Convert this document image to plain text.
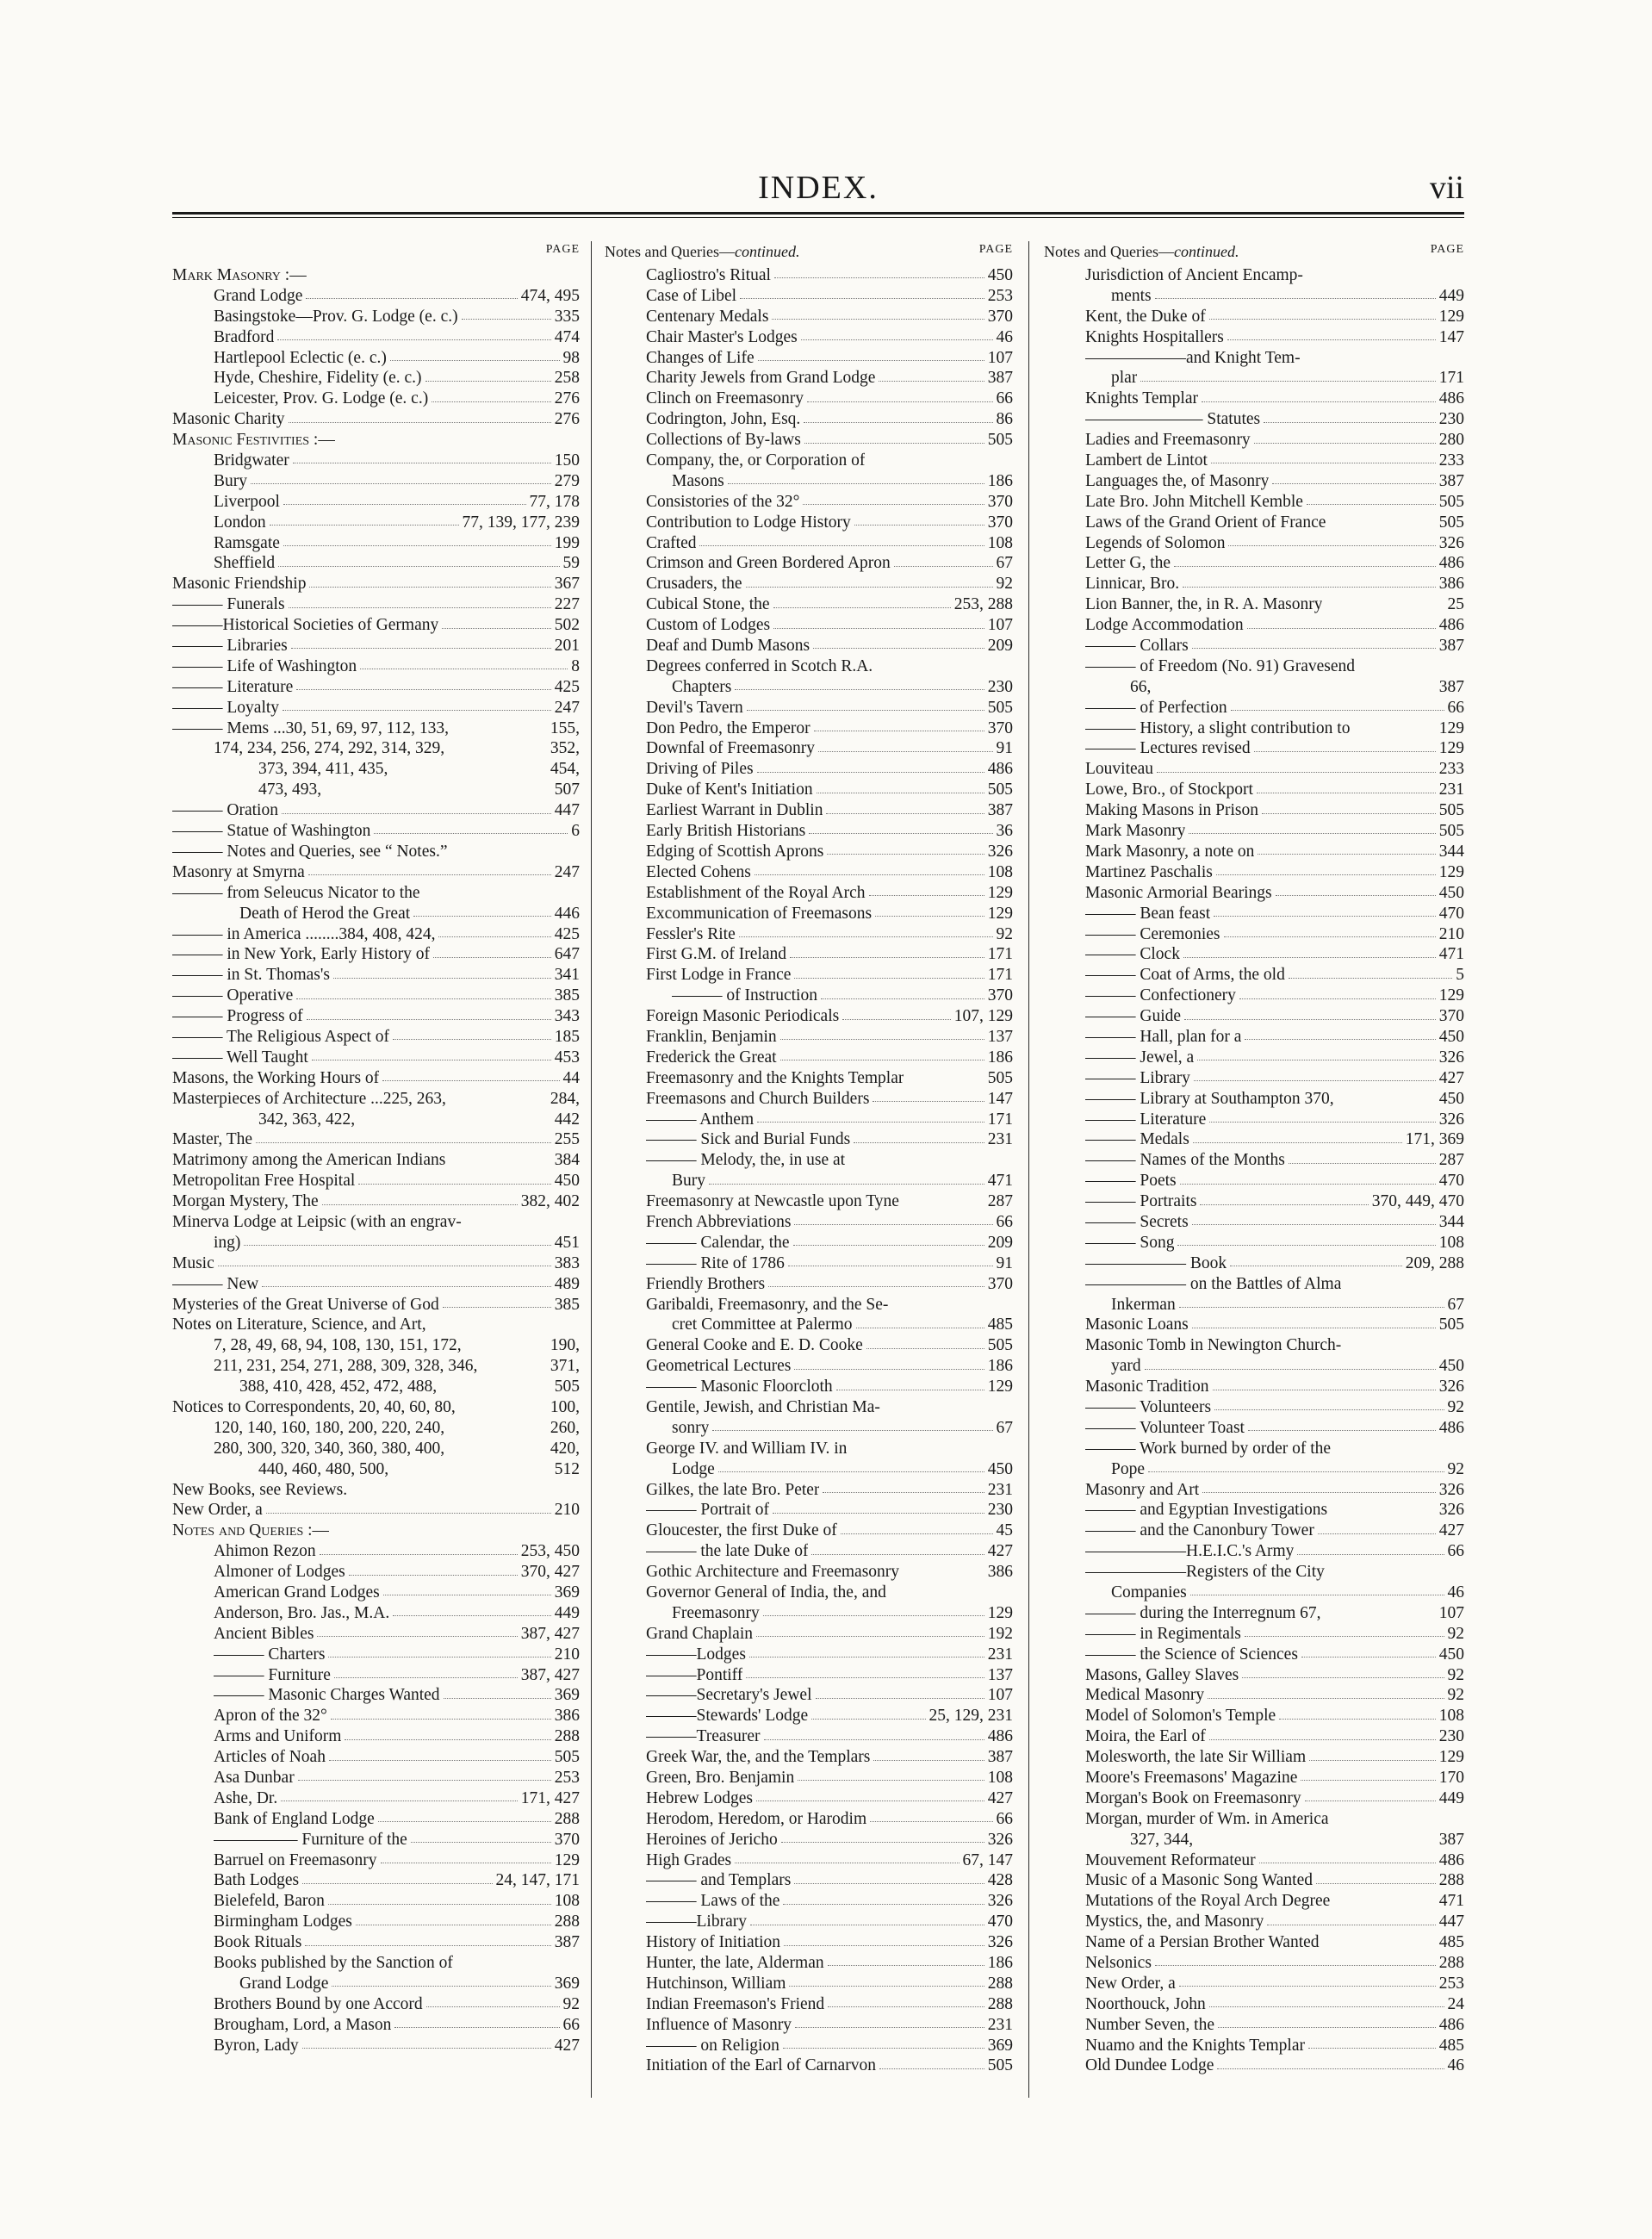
INDEX.	vii
PAGE
Mark Masonry :—
Grand Lodge	474, 495
Basingstoke—Prov. G. Lodge (e. c.)	335
Bradford	474
Hartlepool Eclectic (e. c.)	98
Hyde, Cheshire, Fidelity (e. c.)	258
Leicester, Prov. G. Lodge (e. c.)	276
Masonic Charity	276
Masonic Festivities :—
Bridgwater	150
Bury	279
Liverpool	77, 178
London	77, 139, 177, 239
Ramsgate	199
Sheffield	59
Masonic Friendship	367
——— Funerals	227
———Historical Societies of Germany	502
——— Libraries	201
——— Life of Washington	8
——— Literature	425
——— Loyalty	247
——— Mems ...30, 51, 69, 97, 112, 133,	155,
174, 234, 256, 274, 292, 314, 329,	352,
373, 394, 411, 435,	454,
473, 493,	507
——— Oration	447
——— Statue of Washington	6
——— Notes and Queries, see “ Notes.”
Masonry at Smyrna	247
——— from Seleucus Nicator to the
Death of Herod the Great	446
——— in America ........384, 408, 424,	425
——— in New York, Early History of	647
——— in St. Thomas's	341
——— Operative	385
——— Progress of	343
——— The Religious Aspect of	185
——— Well Taught	453
Masons, the Working Hours of	44
Masterpieces of Architecture ...225, 263,	284,
342, 363, 422,	442
Master, The	255
Matrimony among the American Indians	384
Metropolitan Free Hospital	450
Morgan Mystery, The	382, 402
Minerva Lodge at Leipsic (with an engrav-
ing)	451
Music	383
——— New	489
Mysteries of the Great Universe of God	385
Notes on Literature, Science, and Art,
7, 28, 49, 68, 94, 108, 130, 151, 172,	190,
211, 231, 254, 271, 288, 309, 328, 346,	371,
388, 410, 428, 452, 472, 488,	505
Notices to Correspondents, 20, 40, 60, 80,	100,
120, 140, 160, 180, 200, 220, 240,	260,
280, 300, 320, 340, 360, 380, 400,	420,
440, 460, 480, 500,	512
New Books, see Reviews.
New Order, a	210
Notes and Queries :—
Ahimon Rezon	253, 450
Almoner of Lodges	370, 427
American Grand Lodges	369
Anderson, Bro. Jas., M.A.	449
Ancient Bibles	387, 427
——— Charters	210
——— Furniture	387, 427
——— Masonic Charges Wanted	369
Apron of the 32°	386
Arms and Uniform	288
Articles of Noah	505
Asa Dunbar	253
Ashe, Dr.	171, 427
Bank of England Lodge	288
————— Furniture of the	370
Barruel on Freemasonry	129
Bath Lodges	24, 147, 171
Bielefeld, Baron	108
Birmingham Lodges	288
Book Rituals	387
Books published by the Sanction of
Grand Lodge	369
Brothers Bound by one Accord	92
Brougham, Lord, a Mason	66
Byron, Lady	427
Notes and Queries—continued.	PAGE
Cagliostro's Ritual	450
Case of Libel	253
Centenary Medals	370
Chair Master's Lodges	46
Changes of Life	107
Charity Jewels from Grand Lodge	387
Clinch on Freemasonry	66
Codrington, John, Esq.	86
Collections of By-laws	505
Company, the, or Corporation of
Masons	186
Consistories of the 32°	370
Contribution to Lodge History	370
Crafted	108
Crimson and Green Bordered Apron	67
Crusaders, the	92
Cubical Stone, the	253, 288
Custom of Lodges	107
Deaf and Dumb Masons	209
Degrees conferred in Scotch R.A.
Chapters	230
Devil's Tavern	505
Don Pedro, the Emperor	370
Downfal of Freemasonry	91
Driving of Piles	486
Duke of Kent's Initiation	505
Earliest Warrant in Dublin	387
Early British Historians	36
Edging of Scottish Aprons	326
Elected Cohens	108
Establishment of the Royal Arch	129
Excommunication of Freemasons	129
Fessler's Rite	92
First G.M. of Ireland	171
First Lodge in France	171
——— of Instruction	370
Foreign Masonic Periodicals	107, 129
Franklin, Benjamin	137
Frederick the Great	186
Freemasonry and the Knights Templar	505
Freemasons and Church Builders	147
——— Anthem	171
——— Sick and Burial Funds	231
——— Melody, the, in use at
Bury	471
Freemasonry at Newcastle upon Tyne	287
French Abbreviations	66
——— Calendar, the	209
——— Rite of 1786	91
Friendly Brothers	370
Garibaldi, Freemasonry, and the Se-
cret Committee at Palermo	485
General Cooke and E. D. Cooke	505
Geometrical Lectures	186
——— Masonic Floorcloth	129
Gentile, Jewish, and Christian Ma-
sonry	67
George IV. and William IV. in
Lodge	450
Gilkes, the late Bro. Peter	231
——— Portrait of	230
Gloucester, the first Duke of	45
——— the late Duke of	427
Gothic Architecture and Freemasonry	386
Governor General of India, the, and
Freemasonry	129
Grand Chaplain	192
———Lodges	231
———Pontiff	137
———Secretary's Jewel	107
———Stewards' Lodge	25, 129, 231
———Treasurer	486
Greek War, the, and the Templars	387
Green, Bro. Benjamin	108
Hebrew Lodges	427
Herodom, Heredom, or Harodim	66
Heroines of Jericho	326
High Grades	67, 147
——— and Templars	428
——— Laws of the	326
———Library	470
History of Initiation	326
Hunter, the late, Alderman	186
Hutchinson, William	288
Indian Freemason's Friend	288
Influence of Masonry	231
——— on Religion	369
Initiation of the Earl of Carnarvon	505
Notes and Queries—continued.	PAGE
Jurisdiction of Ancient Encamp-
ments	449
Kent, the Duke of	129
Knights Hospitallers	147
——————and Knight Tem-
plar	171
Knights Templar	486
——————— Statutes	230
Ladies and Freemasonry	280
Lambert de Lintot	233
Languages the, of Masonry	387
Late Bro. John Mitchell Kemble	505
Laws of the Grand Orient of France	505
Legends of Solomon	326
Letter G, the	486
Linnicar, Bro.	386
Lion Banner, the, in R. A. Masonry	25
Lodge Accommodation	486
——— Collars	387
——— of Freedom (No. 91) Gravesend
66,	387
——— of Perfection	66
——— History, a slight contribution to	129
——— Lectures revised	129
Louviteau	233
Lowe, Bro., of Stockport	231
Making Masons in Prison	505
Mark Masonry	505
Mark Masonry, a note on	344
Martinez Paschalis	129
Masonic Armorial Bearings	450
——— Bean feast	470
——— Ceremonies	210
——— Clock	471
——— Coat of Arms, the old	5
——— Confectionery	129
——— Guide	370
——— Hall, plan for a	450
——— Jewel, a	326
——— Library	427
——— Library at Southampton 370,	450
——— Literature	326
——— Medals	171, 369
——— Names of the Months	287
——— Poets	470
——— Portraits	370, 449, 470
——— Secrets	344
——— Song	108
—————— Book	209, 288
—————— on the Battles of Alma
Inkerman	67
Masonic Loans	505
Masonic Tomb in Newington Church-
yard	450
Masonic Tradition	326
——— Volunteers	92
——— Volunteer Toast	486
——— Work burned by order of the
Pope	92
Masonry and Art	326
——— and Egyptian Investigations	326
——— and the Canonbury Tower	427
——————H.E.I.C.'s Army	66
——————Registers of the City
Companies	46
——— during the Interregnum 67,	107
——— in Regimentals	92
——— the Science of Sciences	450
Masons, Galley Slaves	92
Medical Masonry	92
Model of Solomon's Temple	108
Moira, the Earl of	230
Molesworth, the late Sir William	129
Moore's Freemasons' Magazine	170
Morgan's Book on Freemasonry	449
Morgan, murder of Wm. in America
327, 344,	387
Mouvement Reformateur	486
Music of a Masonic Song Wanted	288
Mutations of the Royal Arch Degree	471
Mystics, the, and Masonry	447
Name of a Persian Brother Wanted	485
Nelsonics	288
New Order, a	253
Noorthouck, John	24
Number Seven, the	486
Nuamo and the Knights Templar	485
Old Dundee Lodge	46
